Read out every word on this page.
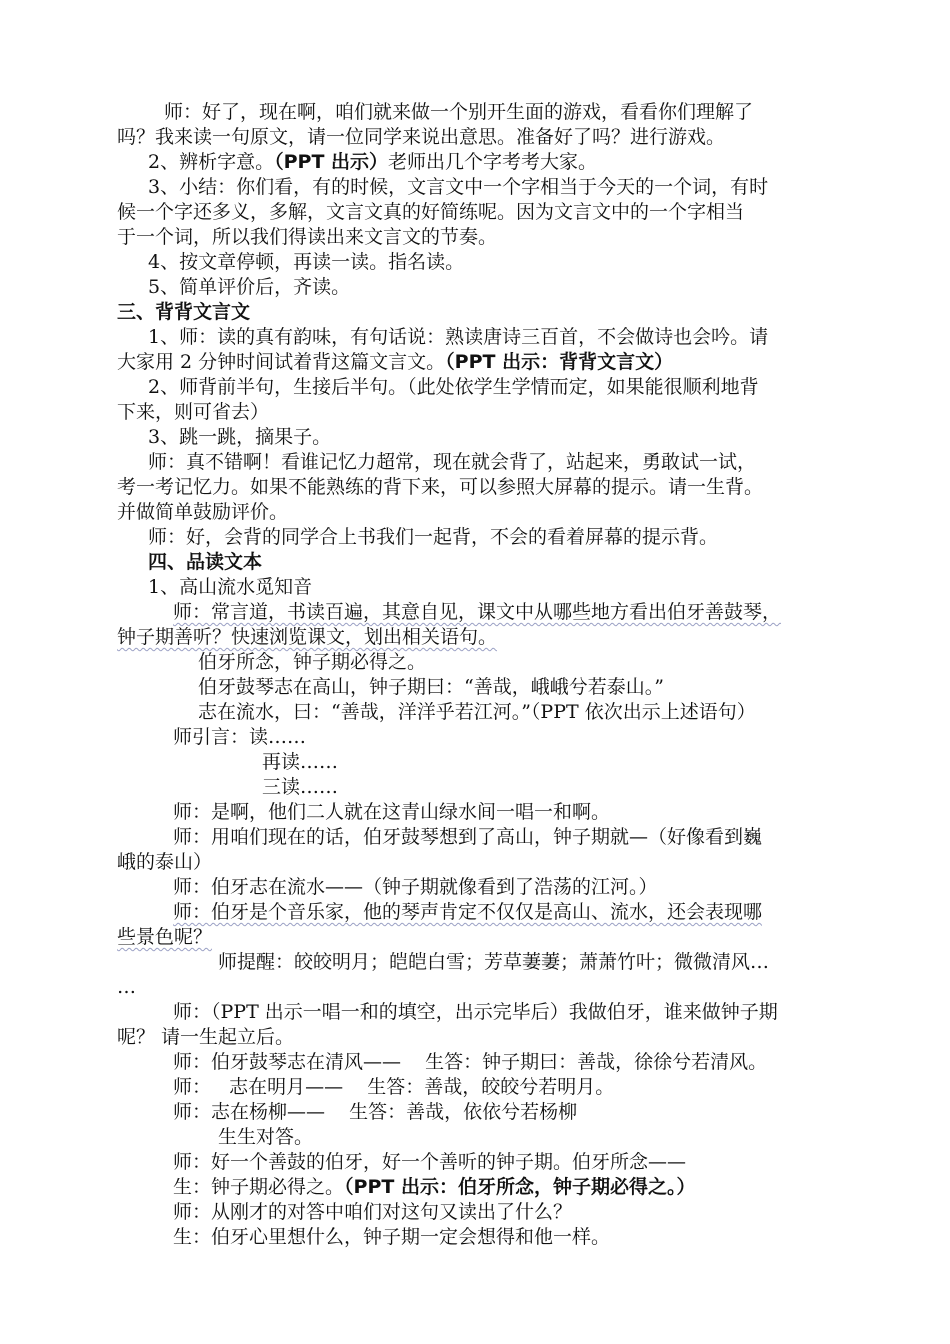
师：好了，现在啊，咱们就来做一个别开生面的游戏，看看你们理解了
吗？我来读一句原文，请一位同学来说出意思。准备好了吗？进行游戏。
2、辨析字意。（PPT 出示）老师出几个字考考大家。
3、小结：你们看，有的时候，文言文中一个字相当于今天的一个词，有时
候一个字还多义，多解，文言文真的好简练呢。因为文言文中的一个字相当
于一个词，所以我们得读出来文言文的节奏。
4、按文章停顿，再读一读。指名读。
5、简单评价后，齐读。
三、背背文言文
1、师：读的真有韵味，有句话说：熟读唐诗三百首，不会做诗也会吟。请
大家用 2 分钟时间试着背这篇文言文。（PPT 出示：背背文言文）
2、师背前半句，生接后半句。（此处依学生学情而定，如果能很顺利地背
下来，则可省去）
3、跳一跳，摘果子。
师：真不错啊！看谁记忆力超常，现在就会背了，站起来，勇敢试一试，
考一考记忆力。如果不能熟练的背下来，可以参照大屏幕的提示。请一生背。
并做简单鼓励评价。
师：好，会背的同学合上书我们一起背，不会的看着屏幕的提示背。
四、品读文本
1、高山流水觅知音
师：常言道，书读百遍，其意自见，课文中从哪些地方看出伯牙善鼓琴，
钟子期善听？快速浏览课文，划出相关语句。
伯牙所念，钟子期必得之。
伯牙鼓琴志在高山，钟子期曰：“善哉，峨峨兮若泰山。”
志在流水，曰：“善哉，洋洋乎若江河。”（PPT 依次出示上述语句）
师引言：读……
再读……
三读……
师：是啊，他们二人就在这青山绿水间一唱一和啊。
师：用咱们现在的话，伯牙鼓琴想到了高山，钟子期就—（好像看到巍
峨的泰山）
师：伯牙志在流水——（钟子期就像看到了浩荡的江河。）
师：伯牙是个音乐家，他的琴声肯定不仅仅是高山、流水，还会表现哪
些景色呢？
师提醒：皎皎明月；皑皑白雪；芳草萋萋；萧萧竹叶；微微清风…
…
师：（PPT 出示一唱一和的填空，出示完毕后）我做伯牙，谁来做钟子期
呢？ 请一生起立后。
师：伯牙鼓琴志在清风——    生答：钟子期曰：善哉，徐徐兮若清风。
师：   志在明月——    生答：善哉，皎皎兮若明月。
师：志在杨柳——    生答：善哉，依依兮若杨柳
生生对答。
师：好一个善鼓的伯牙，好一个善听的钟子期。伯牙所念——
生：钟子期必得之。（PPT 出示：伯牙所念，钟子期必得之。）
师：从刚才的对答中咱们对这句又读出了什么？
生：伯牙心里想什么，钟子期一定会想得和他一样。
